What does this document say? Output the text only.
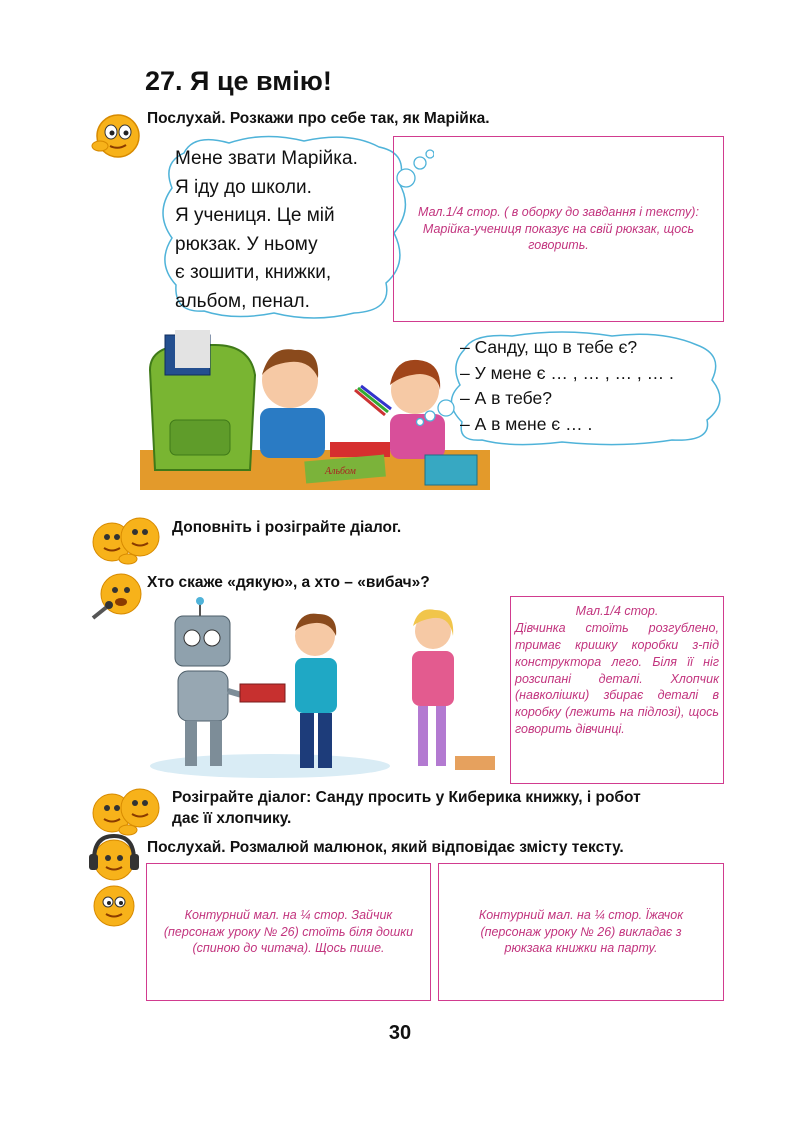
27. Я це вмію!
Послухай. Розкажи про себе так, як Марійка.
Мене звати Марійка.
Я іду до школи.
Я учениця. Це мій
рюкзак. У ньому
є зошити, книжки,
альбом, пенал.
Мал.1/4 стор. ( в оборку до завдання і тексту): Марійка-учениця показує на свій рюкзак, щось говорить.
Альбом
– Санду, що в тебе є?
– У мене є … , … , … , … .
– А в тебе?
– А в мене є … .
Доповніть і розіграйте діалог.
Хто скаже «дякую», а хто – «вибач»?
Мал.1/4 стор.
Дівчинка стоїть розгублено, тримає кришку коробки з-під конструктора лего. Біля її ніг розсипані деталі. Хлопчик (навколішки) збирає деталі в коробку (лежить на підлозі), щось говорить дівчинці.
Розіграйте діалог: Санду просить у Киберика книжку, і робот
дає її хлопчику.
Послухай. Розмалюй малюнок, який відповідає змісту тексту.
Контурний мал. на ¼ стор. Зайчик (персонаж уроку № 26) стоїть біля дошки (спиною до читача). Щось пише.
Контурний мал. на ¼ стор. Їжачок (персонаж уроку № 26) викладає з рюкзака книжки на парту.
30
